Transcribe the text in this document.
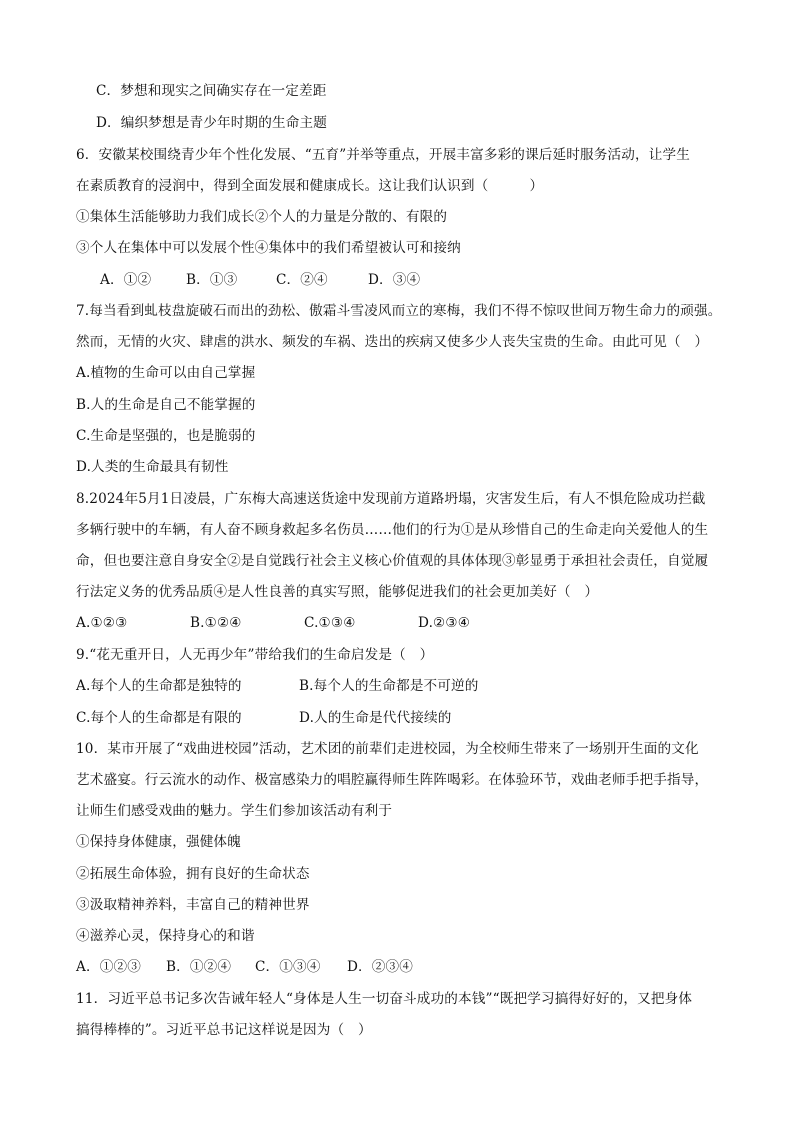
C．梦想和现实之间确实存在一定差距
D．编织梦想是青少年时期的生命主题
6．安徽某校围绕青少年个性化发展、“五育”并举等重点，开展丰富多彩的课后延时服务活动，让学生
在素质教育的浸润中，得到全面发展和健康成长。这让我们认识到（　　　）
①集体生活能够助力我们成长②个人的力量是分散的、有限的
③个人在集体中可以发展个性④集体中的我们希望被认可和接纳
A．①②	B．①③	C．②④	D．③④
7.每当看到虬枝盘旋破石而出的劲松、傲霜斗雪凌风而立的寒梅，我们不得不惊叹世间万物生命力的顽强。
然而，无情的火灾、肆虐的洪水、频发的车祸、迭出的疾病又使多少人丧失宝贵的生命。由此可见（　）
A.植物的生命可以由自己掌握
B.人的生命是自己不能掌握的
C.生命是坚强的，也是脆弱的
D.人类的生命最具有韧性
8.2024年5月1日凌晨，广东梅大高速送货途中发现前方道路坍塌，灾害发生后，有人不惧危险成功拦截
多辆行驶中的车辆，有人奋不顾身救起多名伤员……他们的行为①是从珍惜自己的生命走向关爱他人的生
命，但也要注意自身安全②是自觉践行社会主义核心价值观的具体体现③彰显勇于承担社会责任，自觉履
行法定义务的优秀品质④是人性良善的真实写照，能够促进我们的社会更加美好（　）
A.①②③	B.①②④	C.①③④	D.②③④
9.“花无重开日，人无再少年”带给我们的生命启发是（　）
A.每个人的生命都是独特的	B.每个人的生命都是不可逆的
C.每个人的生命都是有限的	D.人的生命是代代接续的
10．某市开展了“戏曲进校园”活动，艺术团的前辈们走进校园，为全校师生带来了一场别开生面的文化
艺术盛宴。行云流水的动作、极富感染力的唱腔赢得师生阵阵喝彩。在体验环节，戏曲老师手把手指导，
让师生们感受戏曲的魅力。学生们参加该活动有利于
①保持身体健康，强健体魄
②拓展生命体验，拥有良好的生命状态
③汲取精神养料，丰富自己的精神世界
④滋养心灵，保持身心的和谐
A．①②③ B．①②④ C．①③④ D．②③④
11．习近平总书记多次告诫年轻人“身体是人生一切奋斗成功的本钱”“既把学习搞得好好的，又把身体
搞得棒棒的”。习近平总书记这样说是因为（　）
